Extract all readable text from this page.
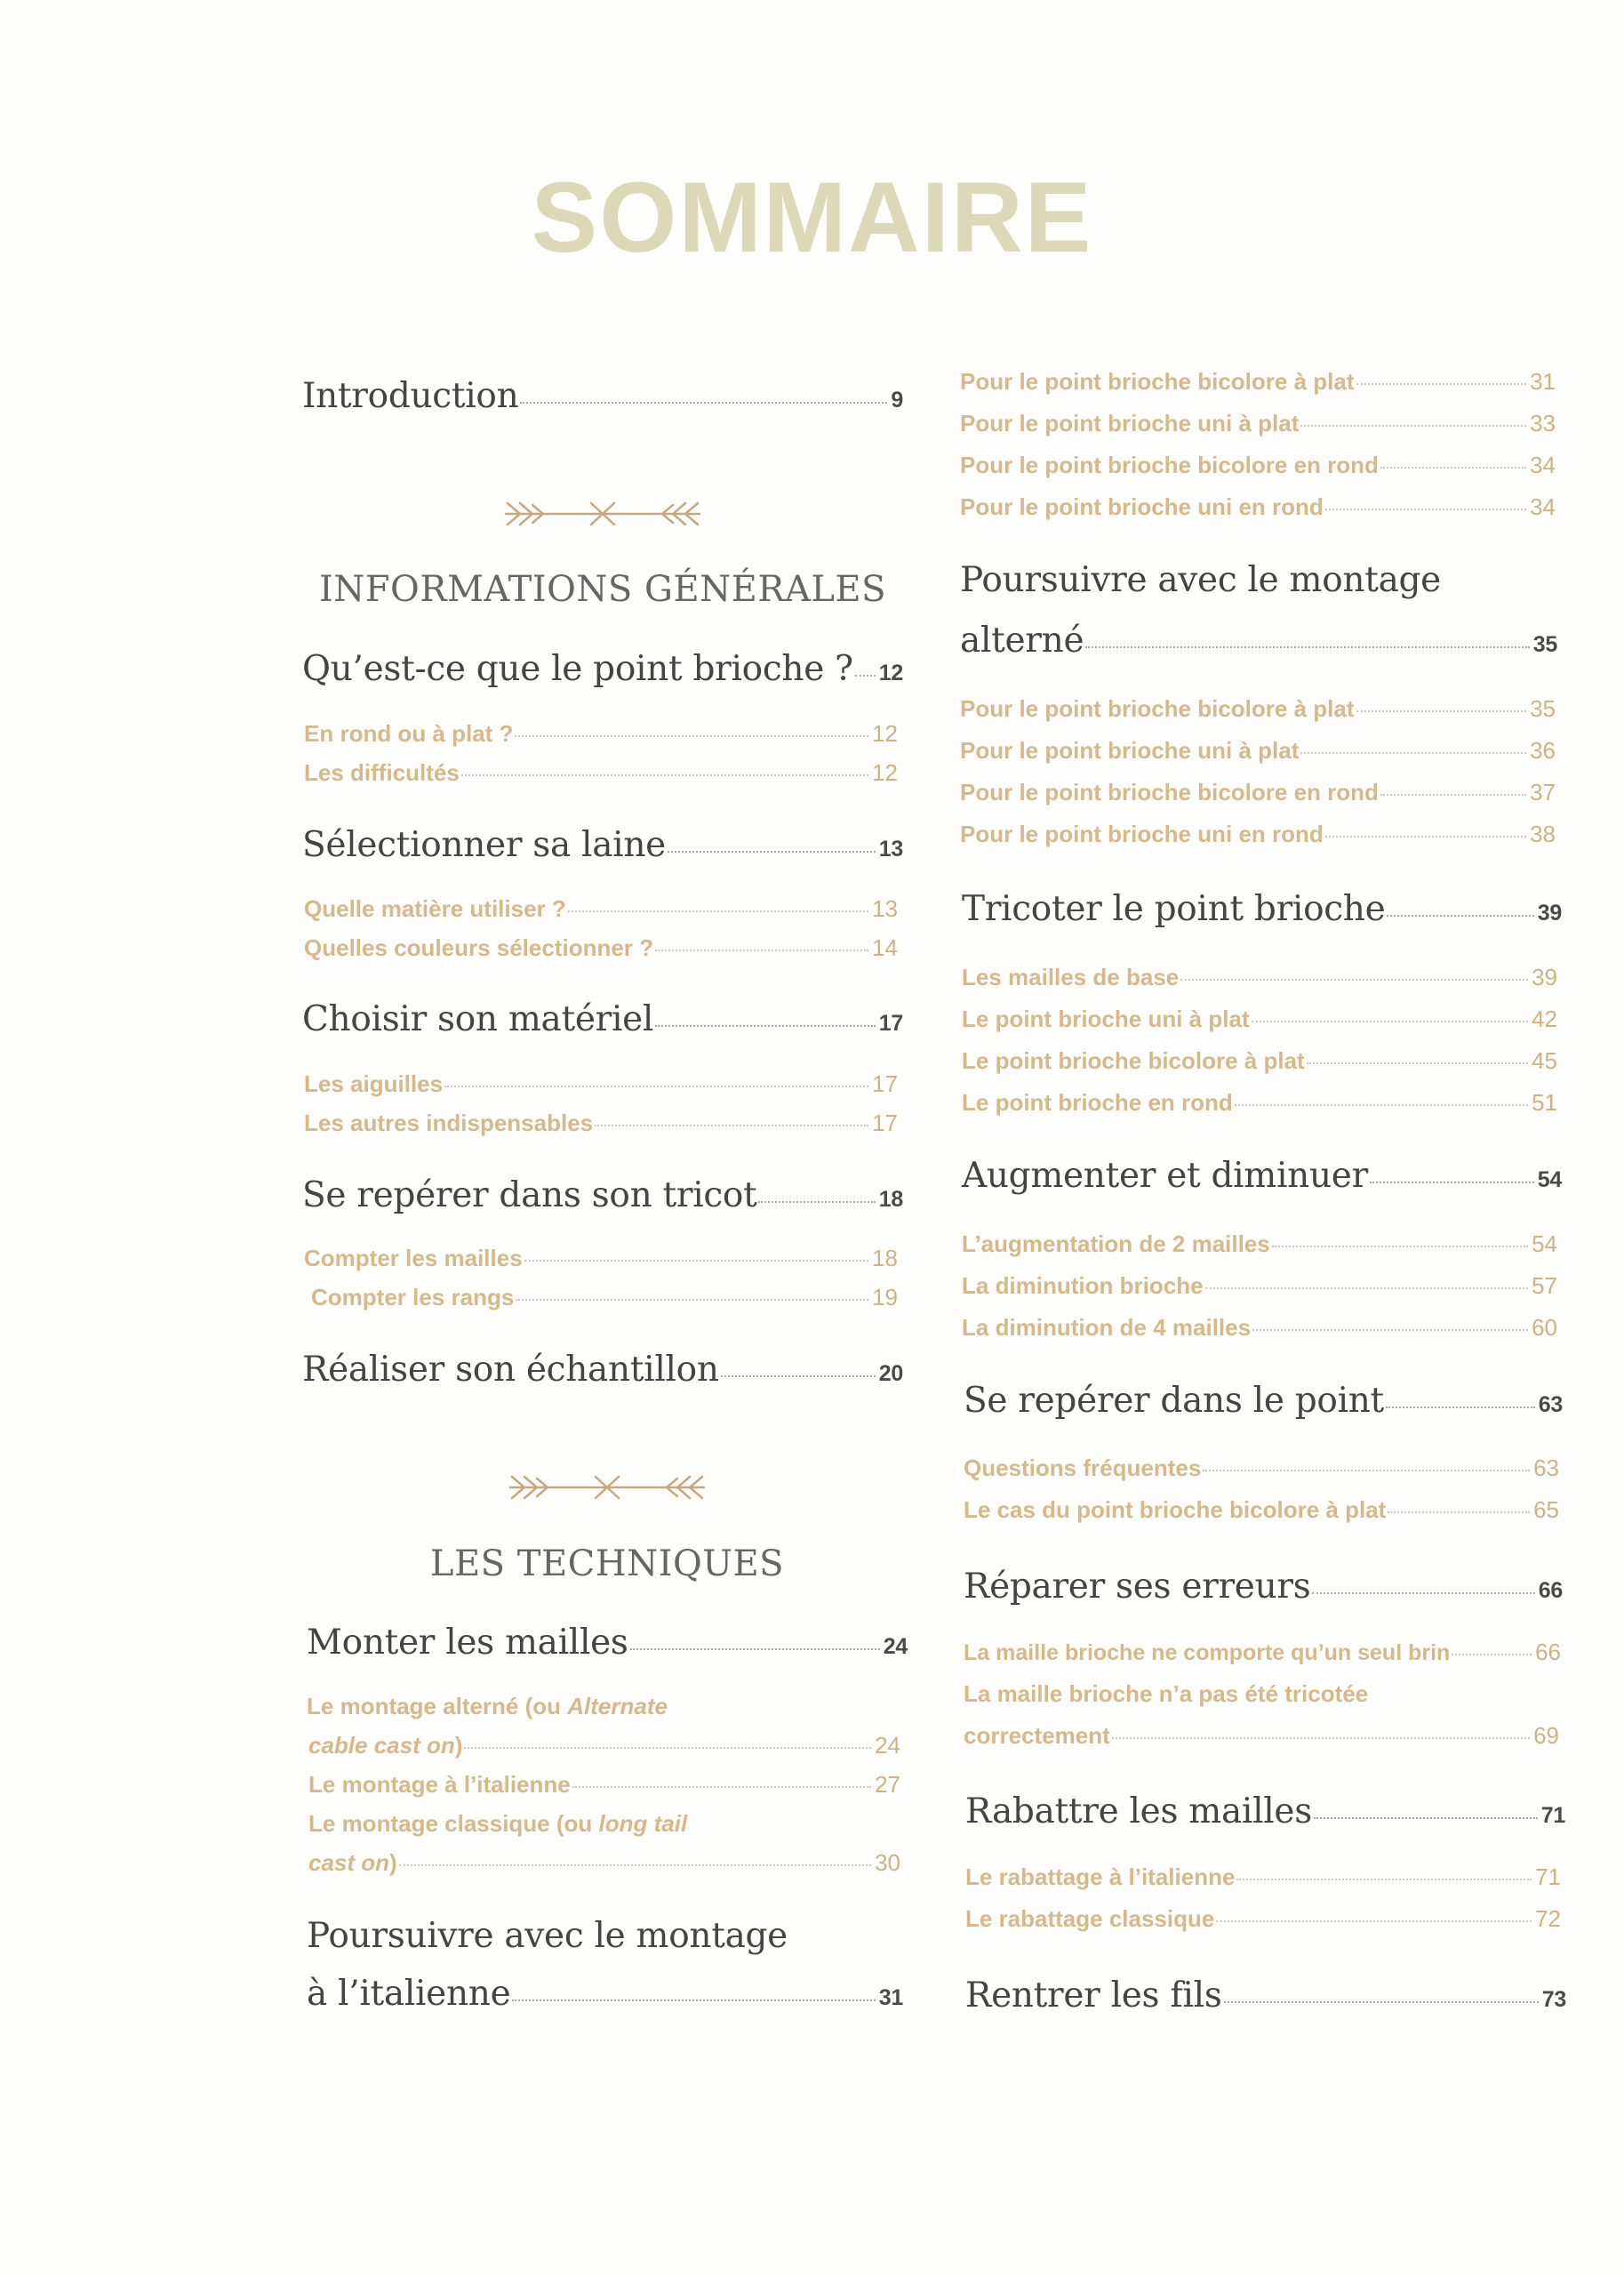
SOMMAIRE
Introduction	9
INFORMATIONS GÉNÉRALES
Qu’est-ce que le point brioche ? 12
En rond ou à plat ?	12
Les difficultés	12
Sélectionner sa laine	13
Quelle matière utiliser ?	13
Quelles couleurs sélectionner ?	14
Choisir son matériel	17
Les aiguilles	17
Les autres indispensables	17
Se repérer dans son tricot	18
Compter les mailles	18
Compter les rangs	19
Réaliser son échantillon	20
LES TECHNIQUES
Monter les mailles	24
Le montage alterné (ou Alternate
cable cast on)	24
Le montage à l’italienne	27
Le montage classique (ou long tail
cast on)	30
Poursuivre avec le montage
à l’italienne	31
Pour le point brioche bicolore à plat	31
Pour le point brioche uni à plat	33
Pour le point brioche bicolore en rond	34
Pour le point brioche uni en rond	34
Poursuivre avec le montage
alterné	35
Pour le point brioche bicolore à plat	35
Pour le point brioche uni à plat	36
Pour le point brioche bicolore en rond	37
Pour le point brioche uni en rond	38
Tricoter le point brioche	39
Les mailles de base	39
Le point brioche uni à plat	42
Le point brioche bicolore à plat	45
Le point brioche en rond	51
Augmenter et diminuer	54
L’augmentation de 2 mailles	54
La diminution brioche	57
La diminution de 4 mailles	60
Se repérer dans le point	63
Questions fréquentes	63
Le cas du point brioche bicolore à plat	65
Réparer ses erreurs	66
La maille brioche ne comporte qu’un seul brin	66
La maille brioche n’a pas été tricotée
correctement	69
Rabattre les mailles	71
Le rabattage à l’italienne	71
Le rabattage classique	72
Rentrer les fils	73
